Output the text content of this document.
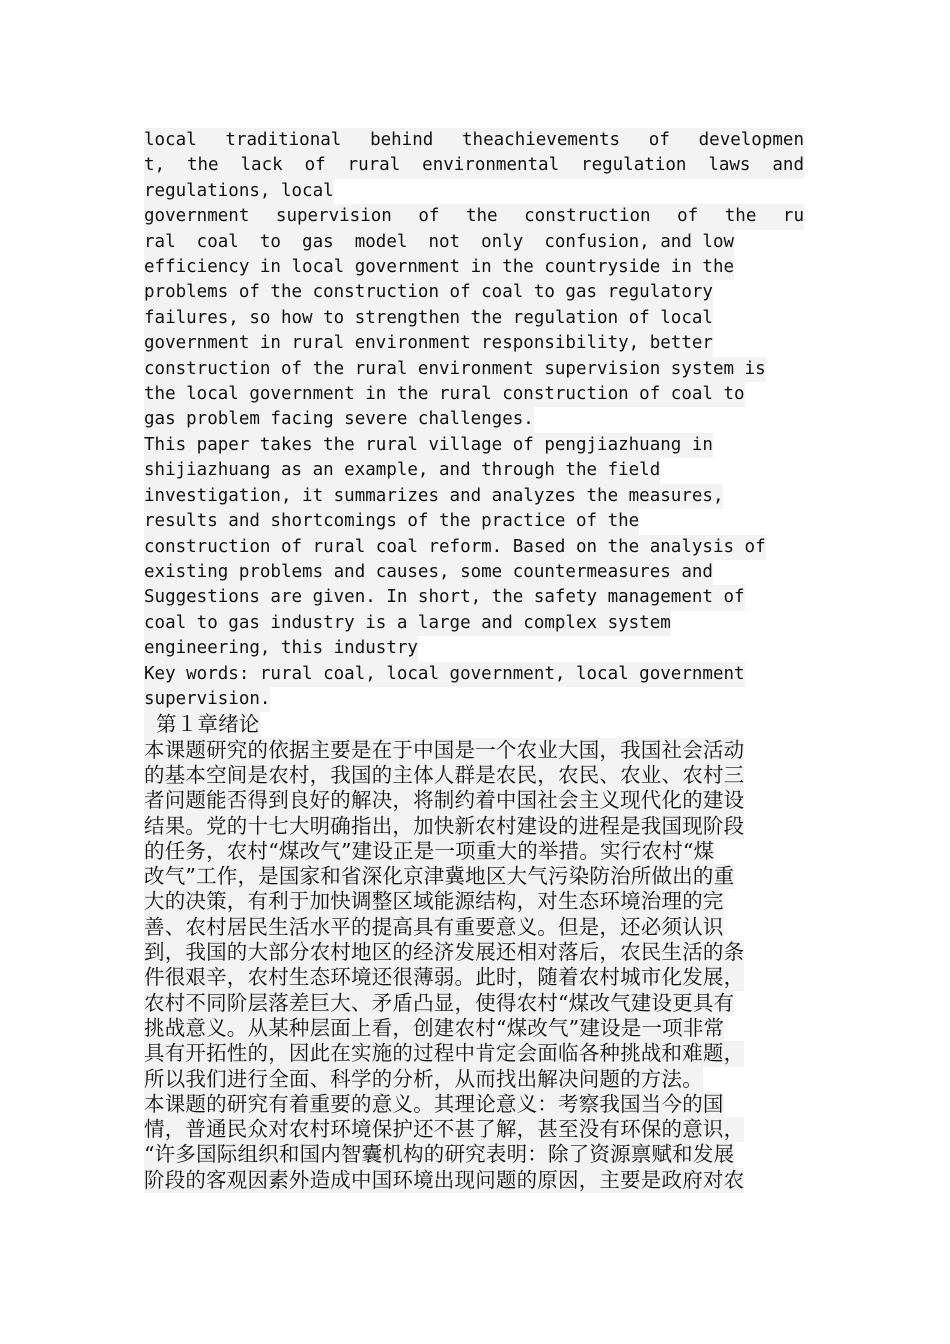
local traditional behind theachievements of developmen
t, the lack of rural environmental regulation laws and
regulations, local
government supervision of the construction of the ru
ral  coal  to  gas  model  not  only  confusion, and low
efficiency in local government in the countryside in the
problems of the construction of coal to gas regulatory
failures, so how to strengthen the regulation of local
government in rural environment responsibility, better
construction of the rural environment supervision system is
the local government in the rural construction of coal to
gas problem facing severe challenges.
This paper takes the rural village of pengjiazhuang in
shijiazhuang as an example, and through the field
investigation, it summarizes and analyzes the measures,
results and shortcomings of the practice of the
construction of rural coal reform. Based on the analysis of
existing problems and causes, some countermeasures and
Suggestions are given. In short, the safety management of
coal to gas industry is a large and complex system
engineering, this industry
Key words: rural coal, local government, local government
supervision.
第１章绪论
本课题研究的依据主要是在于中国是一个农业大国，我国社会活动
的基本空间是农村，我国的主体人群是农民，农民、农业、农村三
者问题能否得到良好的解决，将制约着中国社会主义现代化的建设
结果。党的十七大明确指出，加快新农村建设的进程是我国现阶段
的任务，农村“煤改气”建设正是一项重大的举措。实行农村“煤
改气”工作，是国家和省深化京津冀地区大气污染防治所做出的重
大的决策，有利于加快调整区域能源结构，对生态环境治理的完
善、农村居民生活水平的提高具有重要意义。但是，还必须认识
到，我国的大部分农村地区的经济发展还相对落后，农民生活的条
件很艰辛，农村生态环境还很薄弱。此时，随着农村城市化发展，
农村不同阶层落差巨大、矛盾凸显，使得农村“煤改气建设更具有
挑战意义。从某种层面上看，创建农村“煤改气”建设是一项非常
具有开拓性的，因此在实施的过程中肯定会面临各种挑战和难题，
所以我们进行全面、科学的分析，从而找出解决问题的方法。
本课题的研究有着重要的意义。其理论意义：考察我国当今的国
情，普通民众对农村环境保护还不甚了解，甚至没有环保的意识，
“许多国际组织和国内智囊机构的研究表明：除了资源禀赋和发展
阶段的客观因素外造成中国环境出现问题的原因，主要是政府对农
